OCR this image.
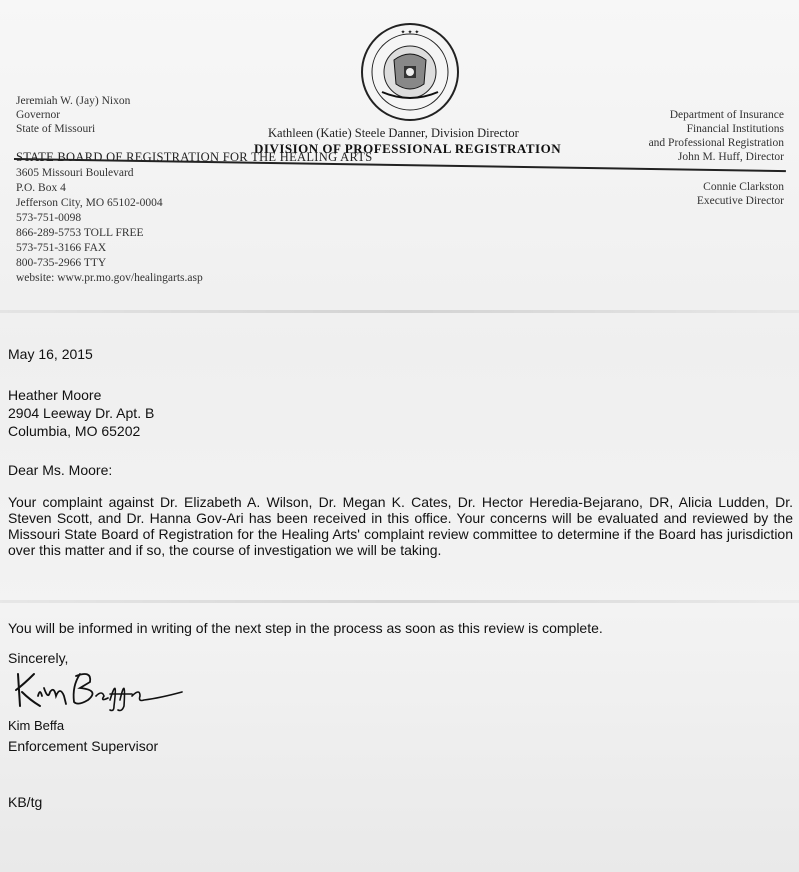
✦ ✦ ✦
Jeremiah W. (Jay) Nixon
Governor
State of Missouri	Kathleen (Katie) Steele Danner, Division Director
DIVISION OF PROFESSIONAL REGISTRATION
Department of Insurance
Financial Institutions
and Professional Registration
John M. Huff, Director
STATE BOARD OF REGISTRATION FOR THE HEALING ARTS
3605 Missouri Boulevard
P.O. Box 4
Jefferson City, MO 65102-0004
573-751-0098
866-289-5753 TOLL FREE
573-751-3166 FAX
800-735-2966 TTY
website: www.pr.mo.gov/healingarts.asp
Connie Clarkston
Executive Director
May 16, 2015
Heather Moore
2904 Leeway Dr. Apt. B
Columbia, MO 65202
Dear Ms. Moore:
Your complaint against Dr. Elizabeth A. Wilson, Dr. Megan K. Cates, Dr. Hector Heredia-Bejarano, DR, Alicia Ludden, Dr. Steven Scott, and Dr. Hanna Gov-Ari has been received in this office. Your concerns will be evaluated and reviewed by the Missouri State Board of Registration for the Healing Arts' complaint review committee to determine if the Board has jurisdiction over this matter and if so, the course of investigation we will be taking.
You will be informed in writing of the next step in the process as soon as this review is complete.
Sincerely,
Kim Beffa
Enforcement Supervisor
KB/tg
